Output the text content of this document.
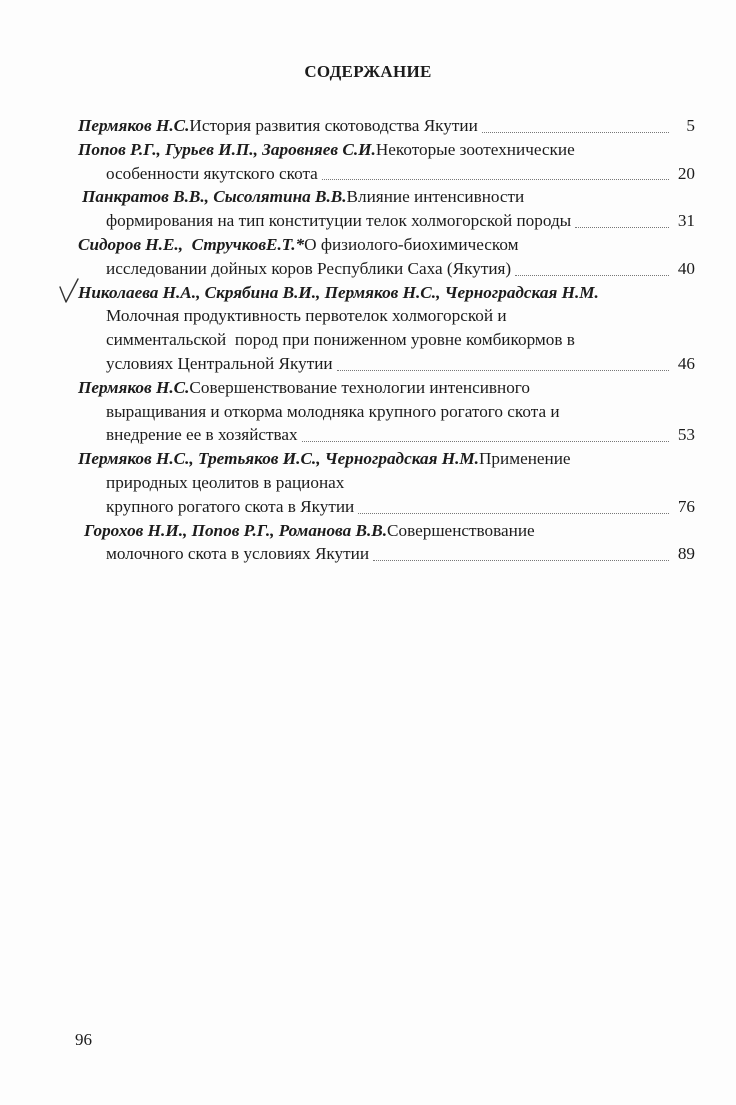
СОДЕРЖАНИЕ
Пермяков Н.С. История развития скотоводства Якутии	5
Попов Р.Г., Гурьев И.П., Заровняев С.И. Некоторые зоотехнические
особенности якутского скота	20
Панкратов В.В., Сысолятина В.В. Влияние интенсивности
формирования на тип конституции телок холмогорской породы	31
Сидоров Н.Е.,  СтручковЕ.Т.* О физиолого-биохимическом
исследовании дойных коров Республики Саха (Якутия)	40
Николаева Н.А., Скрябина В.И., Пермяков Н.С., Черноградская Н.М.
Молочная продуктивность первотелок холмогорской и
симментальской  пород при пониженном уровне комбикормов в
условиях Центральной Якутии	46
Пермяков Н.С. Совершенствование технологии интенсивного
выращивания и откорма молодняка крупного рогатого скота и
внедрение ее в хозяйствах	53
Пермяков Н.С., Третьяков И.С., Черноградская Н.М. Применение
природных цеолитов в рационах
крупного рогатого скота в Якутии	76
Горохов Н.И., Попов Р.Г., Романова В.В. Совершенствование
молочного скота в условиях Якутии	89
96
